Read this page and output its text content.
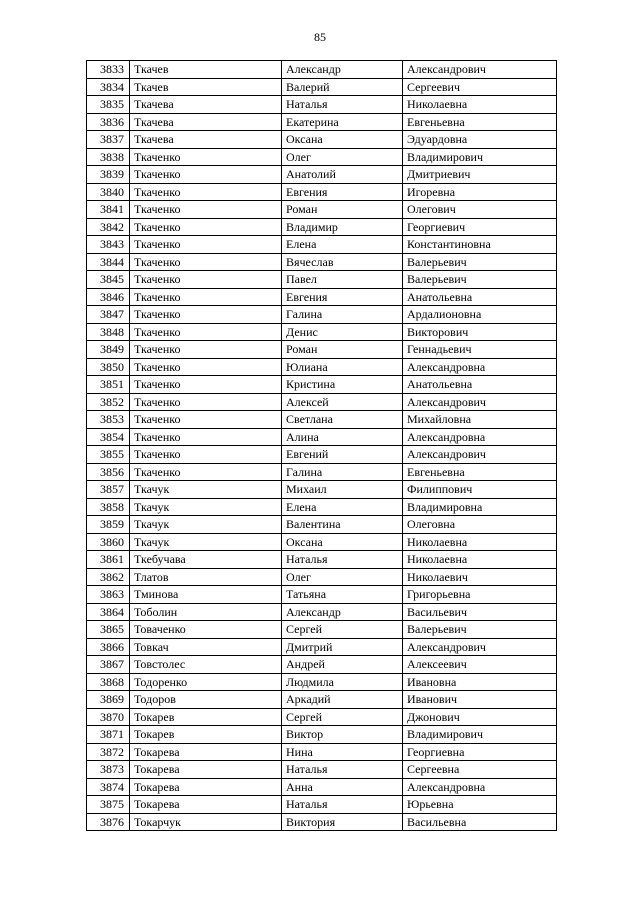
85
3833	Ткачев	Александр	Александрович
3834	Ткачев	Валерий	Сергеевич
3835	Ткачева	Наталья	Николаевна
3836	Ткачева	Екатерина	Евгеньевна
3837	Ткачева	Оксана	Эдуардовна
3838	Ткаченко	Олег	Владимирович
3839	Ткаченко	Анатолий	Дмитриевич
3840	Ткаченко	Евгения	Игоревна
3841	Ткаченко	Роман	Олегович
3842	Ткаченко	Владимир	Георгиевич
3843	Ткаченко	Елена	Константиновна
3844	Ткаченко	Вячеслав	Валерьевич
3845	Ткаченко	Павел	Валерьевич
3846	Ткаченко	Евгения	Анатольевна
3847	Ткаченко	Галина	Ардалионовна
3848	Ткаченко	Денис	Викторович
3849	Ткаченко	Роман	Геннадьевич
3850	Ткаченко	Юлиана	Александровна
3851	Ткаченко	Кристина	Анатольевна
3852	Ткаченко	Алексей	Александрович
3853	Ткаченко	Светлана	Михайловна
3854	Ткаченко	Алина	Александровна
3855	Ткаченко	Евгений	Александрович
3856	Ткаченко	Галина	Евгеньевна
3857	Ткачук	Михаил	Филиппович
3858	Ткачук	Елена	Владимировна
3859	Ткачук	Валентина	Олеговна
3860	Ткачук	Оксана	Николаевна
3861	Ткебучава	Наталья	Николаевна
3862	Тлатов	Олег	Николаевич
3863	Тминова	Татьяна	Григорьевна
3864	Тоболин	Александр	Васильевич
3865	Товаченко	Сергей	Валерьевич
3866	Товкач	Дмитрий	Александрович
3867	Товстолес	Андрей	Алексеевич
3868	Тодоренко	Людмила	Ивановна
3869	Тодоров	Аркадий	Иванович
3870	Токарев	Сергей	Джонович
3871	Токарев	Виктор	Владимирович
3872	Токарева	Нина	Георгиевна
3873	Токарева	Наталья	Сергеевна
3874	Токарева	Анна	Александровна
3875	Токарева	Наталья	Юрьевна
3876	Токарчук	Виктория	Васильевна
